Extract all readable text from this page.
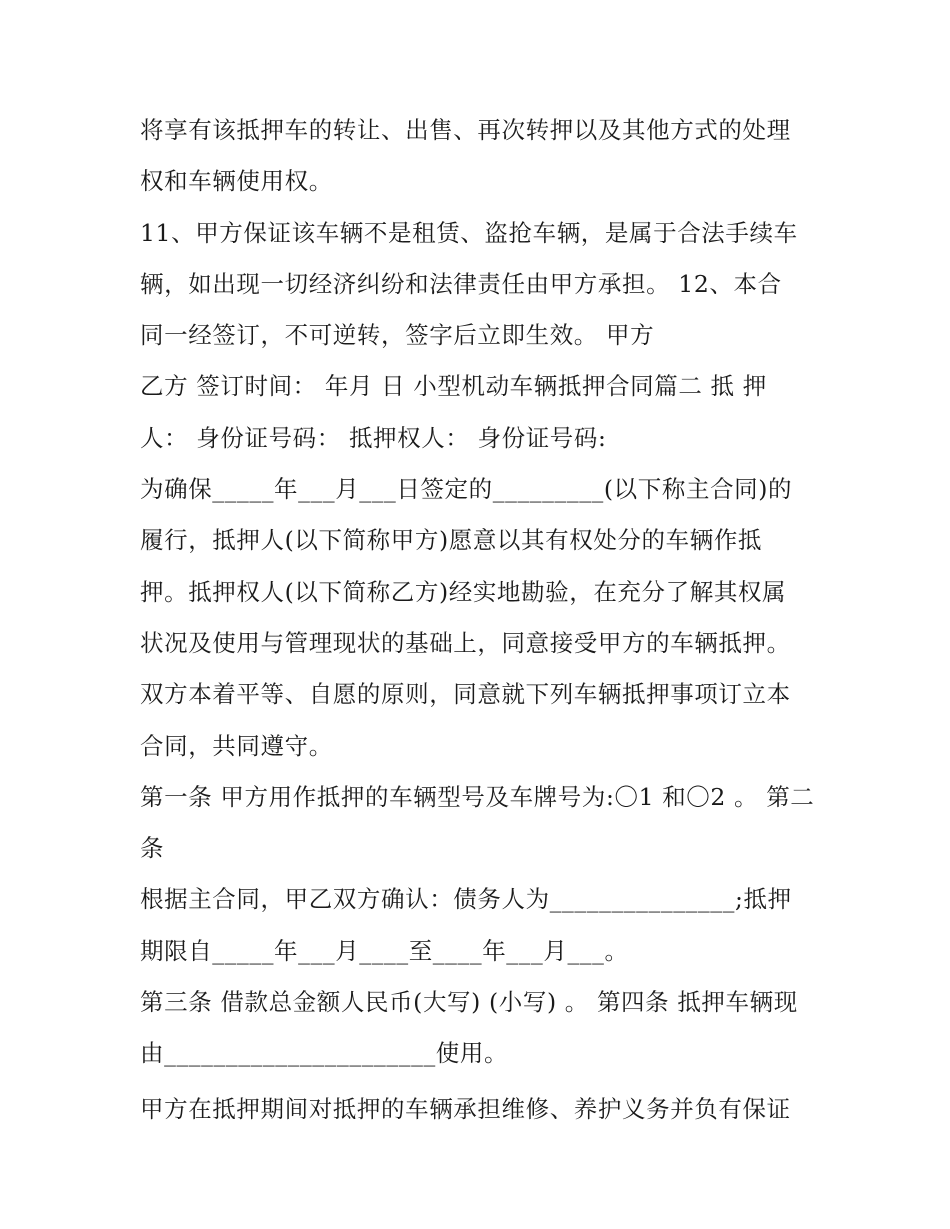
将享有该抵押车的转让、出售、再次转押以及其他方式的处理
权和车辆使用权。
11、甲方保证该车辆不是租赁、盗抢车辆，是属于合法手续车
辆，如出现一切经济纠纷和法律责任由甲方承担。 12、本合
同一经签订，不可逆转，签字后立即生效。 甲方
乙方 签订时间： 年月 日 小型机动车辆抵押合同篇二 抵 押
人： 身份证号码： 抵押权人： 身份证号码:
为确保_____年___月___日签定的_________(以下称主合同)的
履行，抵押人(以下简称甲方)愿意以其有权处分的车辆作抵
押。抵押权人(以下简称乙方)经实地勘验，在充分了解其权属
状况及使用与管理现状的基础上，同意接受甲方的车辆抵押。
双方本着平等、自愿的原则，同意就下列车辆抵押事项订立本
合同，共同遵守。
第一条 甲方用作抵押的车辆型号及车牌号为:〇1 和〇2 。 第二
条
根据主合同，甲乙双方确认：债务人为_______________;抵押
期限自_____年___月____至____年___月___。
第三条 借款总金额人民币(大写) (小写) 。 第四条 抵押车辆现
由______________________使用。
甲方在抵押期间对抵押的车辆承担维修、养护义务并负有保证
